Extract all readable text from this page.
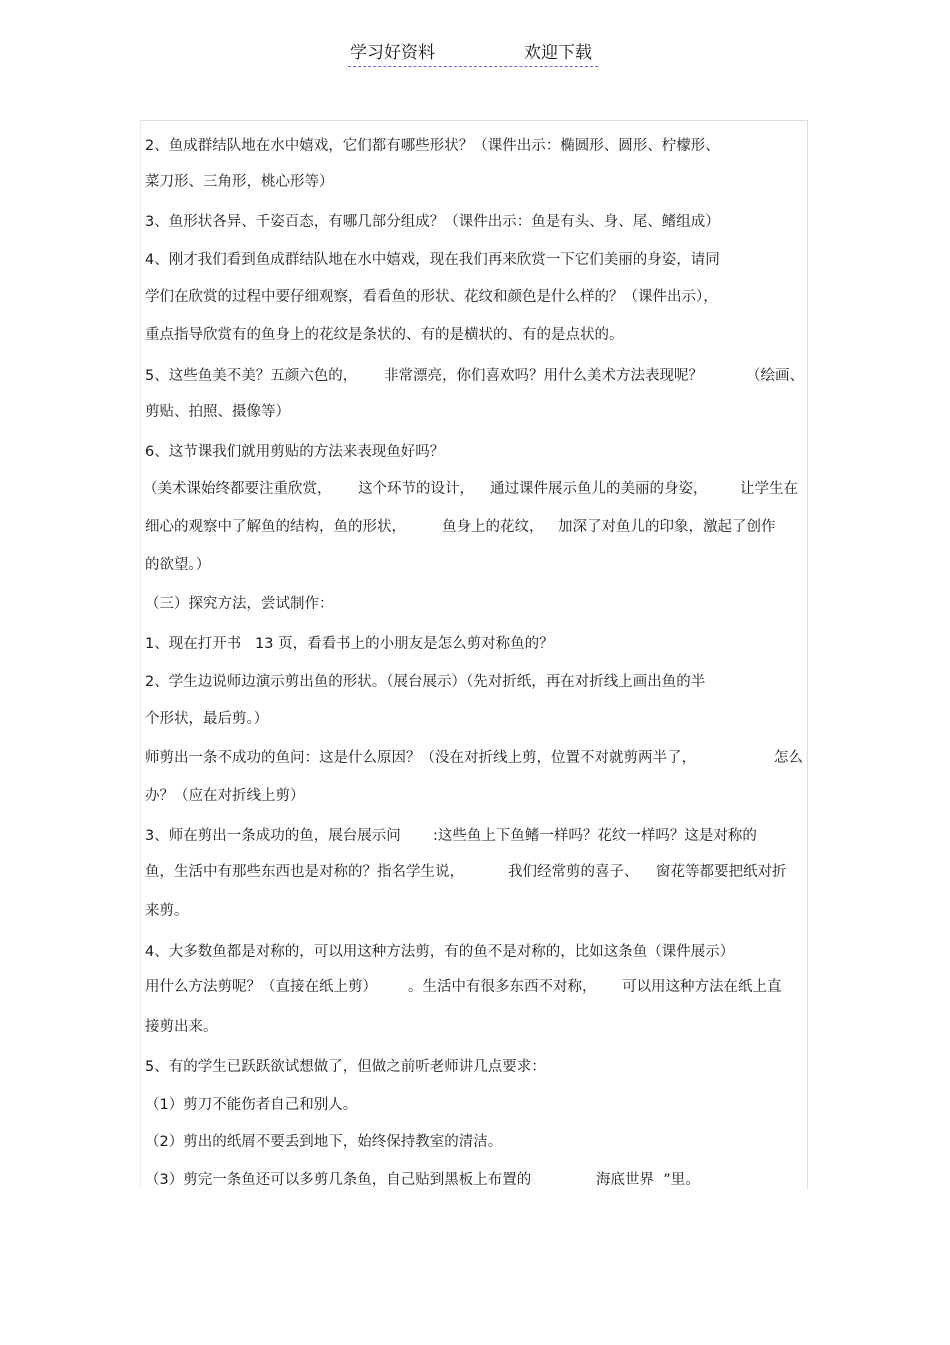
学习好资料	欢迎下载
2、鱼成群结队地在水中嬉戏，它们都有哪些形状？（课件出示：椭圆形、圆形、柠檬形、
菜刀形、三角形，桃心形等）
3、鱼形状各异、千姿百态，有哪几部分组成？（课件出示：鱼是有头、身、尾、鳍组成）
4、刚才我们看到鱼成群结队地在水中嬉戏，现在我们再来欣赏一下它们美丽的身姿，请同
学们在欣赏的过程中要仔细观察，看看鱼的形状、花纹和颜色是什么样的？（课件出示），
重点指导欣赏有的鱼身上的花纹是条状的、有的是横状的、有的是点状的。
5、这些鱼美不美？五颜六色的， 非常漂亮，你们喜欢吗？用什么美术方法表现呢？	（绘画、
剪贴、拍照、摄像等）
6、这节课我们就用剪贴的方法来表现鱼好吗？
（美术课始终都要注重欣赏， 这个环节的设计， 通过课件展示鱼儿的美丽的身姿， 让学生在
细心的观察中了解鱼的结构，鱼的形状， 鱼身上的花纹， 加深了对鱼儿的印象，激起了创作
的欲望。）
（三）探究方法，尝试制作：
1、现在打开书   13 页，看看书上的小朋友是怎么剪对称鱼的？
2、学生边说师边演示剪出鱼的形状。（展台展示）（先对折纸，再在对折线上画出鱼的半
个形状，最后剪。）
师剪出一条不成功的鱼问：这是什么原因？（没在对折线上剪，位置不对就剪两半了，	怎么
办？（应在对折线上剪）
3、师在剪出一条成功的鱼，展台展示问       :这些鱼上下鱼鳍一样吗？花纹一样吗？这是对称的
鱼，生活中有那些东西也是对称的？指名学生说，	我们经常剪的喜子、 窗花等都要把纸对折
来剪。
4、大多数鱼都是对称的，可以用这种方法剪，有的鱼不是对称的，比如这条鱼（课件展示）
用什么方法剪呢？（直接在纸上剪） 。生活中有很多东西不对称， 可以用这种方法在纸上直
接剪出来。
5、有的学生已跃跃欲试想做了，但做之前听老师讲几点要求：
（1）剪刀不能伤者自己和别人。
（2）剪出的纸屑不要丢到地下，始终保持教室的清洁。
（3）剪完一条鱼还可以多剪几条鱼，自己贴到黑板上布置的	海底世界  ”里。
